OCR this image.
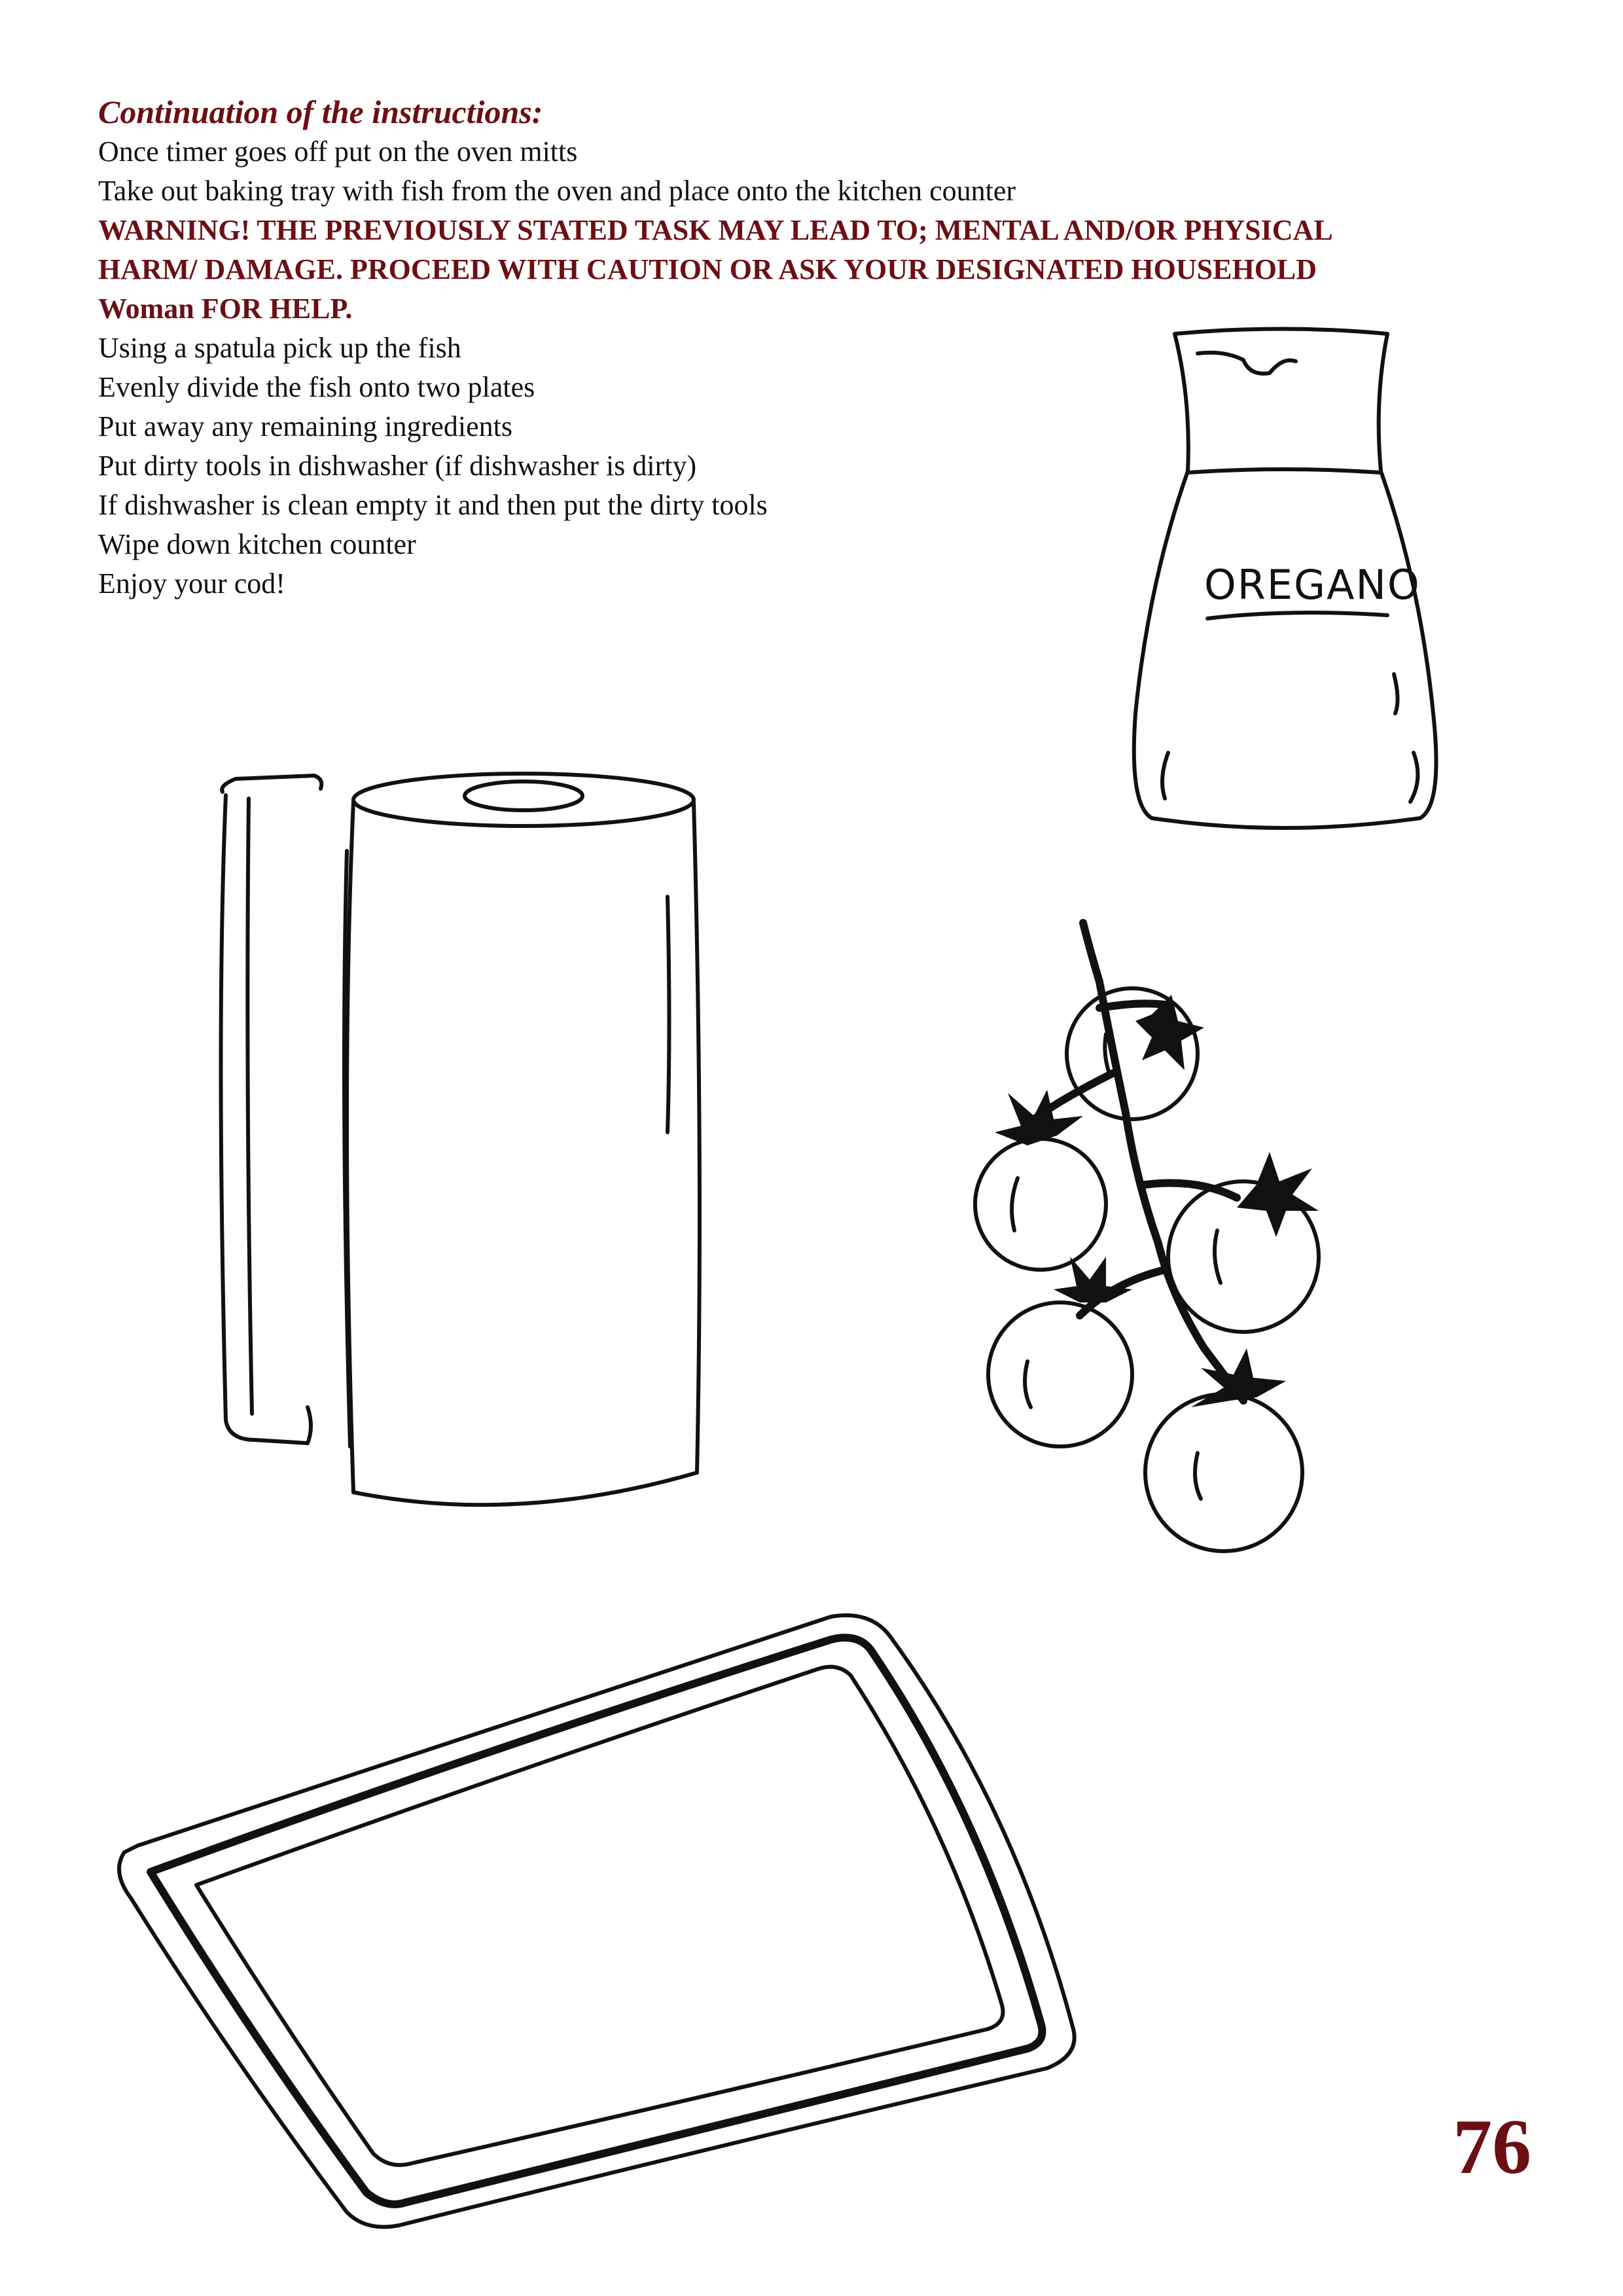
Continuation of the instructions:

Once timer goes off put on the oven mitts

Take out baking tray with fish from the oven and place onto the kitchen counter

WARNING! THE PREVIOUSLY STATED TASK MAY LEAD TO; MENTAL AND/OR PHYSICAL

HARM/ DAMAGE. PROCEED WITH CAUTION OR ASK YOUR DESIGNATED HOUSEHOLD

Woman FOR HELP.

Using a spatula pick up the fish

Evenly divide the fish onto two plates

Put away any remaining ingredients

Put dirty tools in dishwasher (if dishwasher is dirty)

If dishwasher is clean empty it and then put the dirty tools

Wipe down kitchen counter

Enjoy your cod!	OREGANO
76
